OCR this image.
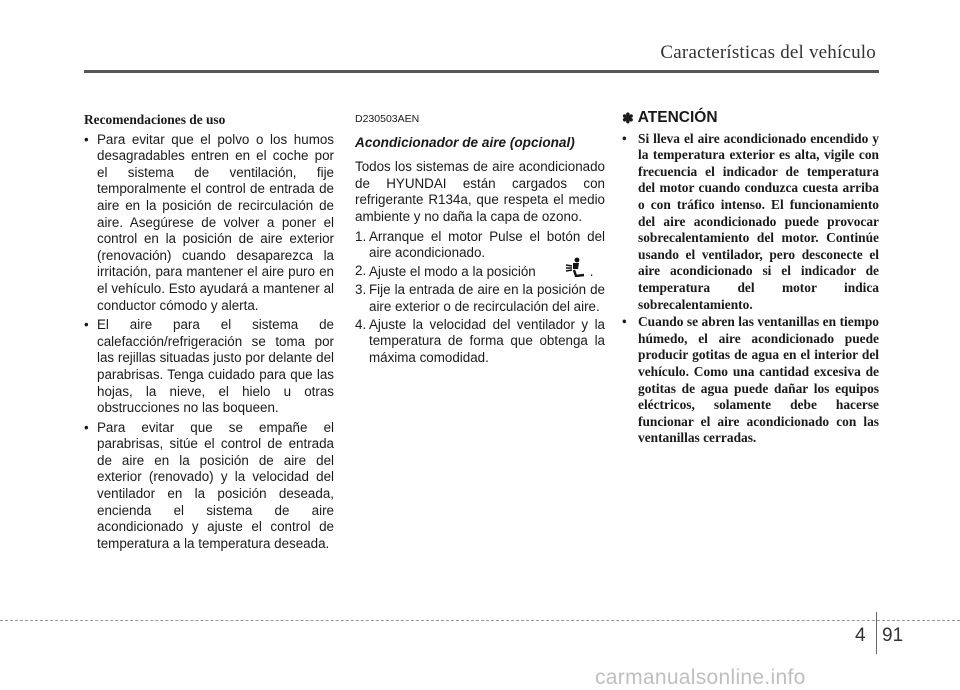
Características del vehículo
Recomendaciones de uso
• Para evitar que el polvo o los humos desagradables entren en el coche por el sistema de ventilación, fije temporalmente el control de entrada de aire en la posición de recirculación de aire. Asegúrese de volver a poner el control en la posición de aire exterior (renovación) cuando desaparezca la irritación, para mantener el aire puro en el vehículo. Esto ayudará a mantener al conductor cómodo y alerta.
• El aire para el sistema de calefacción/refrigeración se toma por las rejillas situadas justo por delante del parabrisas. Tenga cuidado para que las hojas, la nieve, el hielo u otras obstrucciones no las boqueen.
• Para evitar que se empañe el parabrisas, sitúe el control de entrada de aire en la posición de aire del exterior (renovado) y la velocidad del ventilador en la posición deseada, encienda el sistema de aire acondicionado y ajuste el control de temperatura a la temperatura deseada.
D230503AEN
Acondicionador de aire (opcional)
Todos los sistemas de aire acondicionado de HYUNDAI están cargados con refrigerante R134a, que respeta el medio ambiente y no daña la capa de ozono.
1. Arranque el motor Pulse el botón del aire acondicionado.
2. Ajuste el modo a la posición	.
3. Fije la entrada de aire en la posición de aire exterior o de recirculación del aire.
4. Ajuste la velocidad del ventilador y la temperatura de forma que obtenga la máxima comodidad.
✽ ATENCIÓN
• Si lleva el aire acondicionado encendido y la temperatura exterior es alta, vigile con frecuencia el indicador de temperatura del motor cuando conduzca cuesta arriba o con tráfico intenso. El funcionamiento del aire acondicionado puede provocar sobrecalentamiento del motor. Continúe usando el ventilador, pero desconecte el aire acondicionado si el indicador de temperatura del motor indica sobrecalentamiento.
• Cuando se abren las ventanillas en tiempo húmedo, el aire acondicionado puede producir gotitas de agua en el interior del vehículo. Como una cantidad excesiva de gotitas de agua puede dañar los equipos eléctricos, solamente debe hacerse funcionar el aire acondicionado con las ventanillas cerradas.
4 91
carmanualsonline.info
